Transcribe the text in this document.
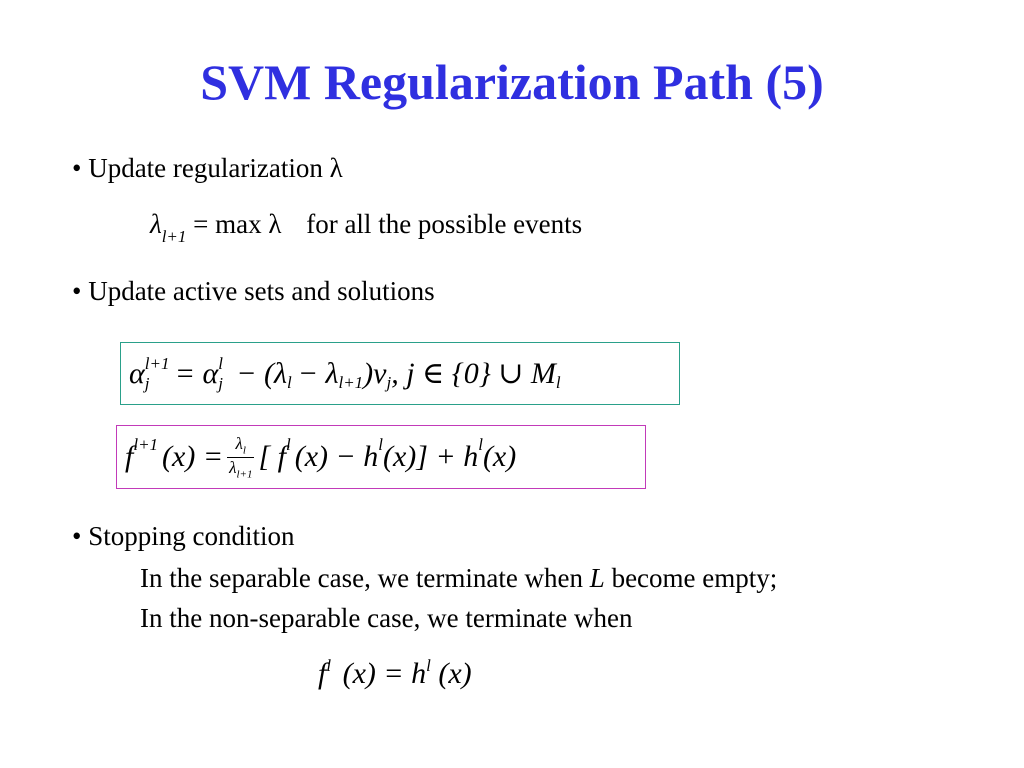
SVM Regularization Path (5)
• Update regularization λ
$\lambda_{l+1} = \max \lambda$ for all the possible events
• Update active sets and solutions
α l+1
j = α l
j − (λ l − λ l+1 )ν j , j ∈ {0} ∪ M l
f l+1 $(x) = \frac{\lambda_l}{\lambda_{l+1}}$ [ f l (x) − h l (x)] + h l (x)
• Stopping condition
In the separable case, we terminate when L become empty;
In the non-separable case, we terminate when
$f^l$ $(x) = h^l$ (x)
